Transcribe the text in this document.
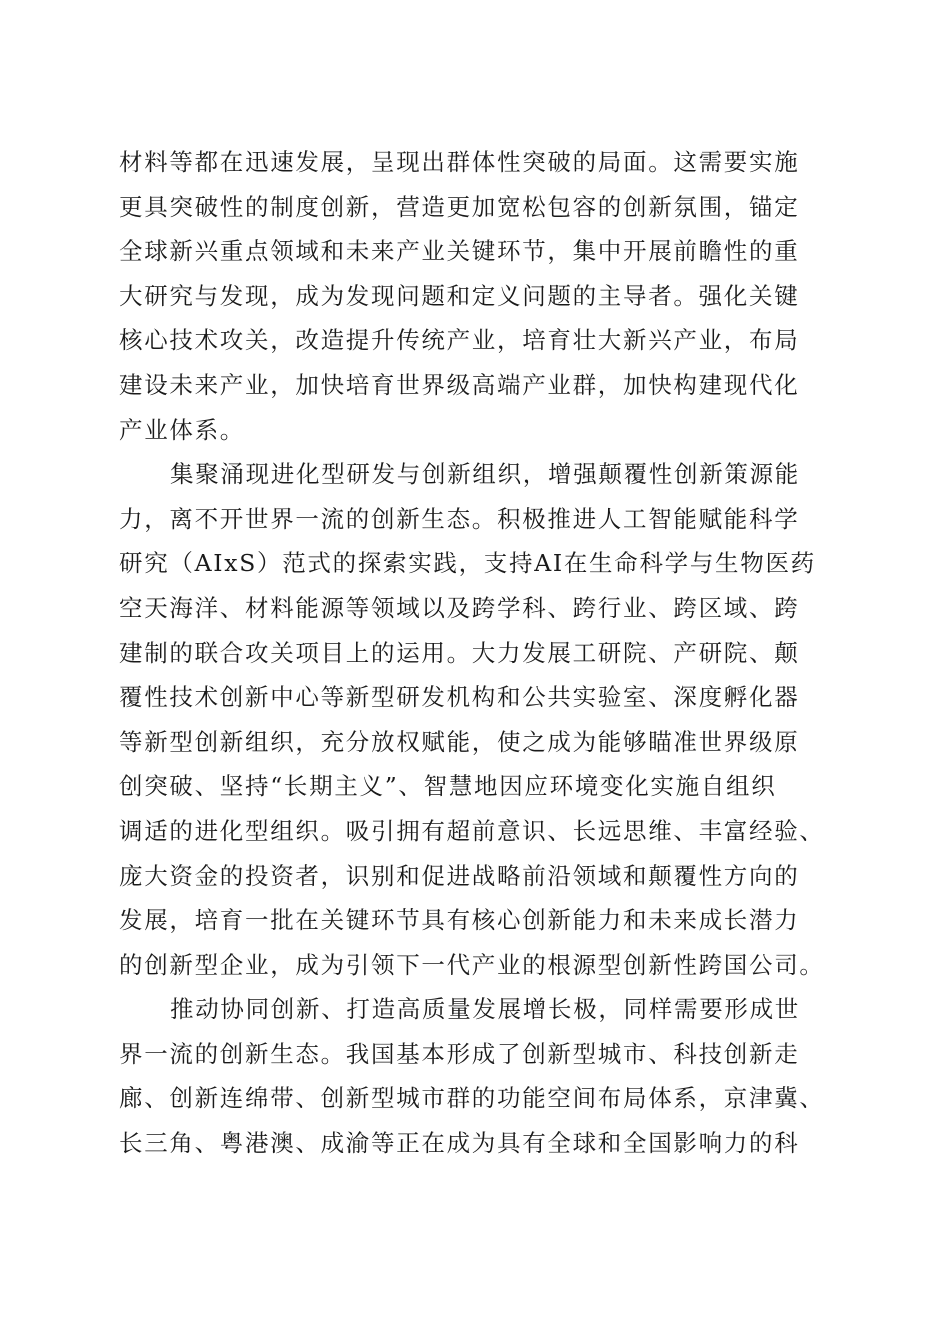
材料等都在迅速发展，呈现出群体性突破的局面。这需要实施
更具突破性的制度创新，营造更加宽松包容的创新氛围，锚定
全球新兴重点领域和未来产业关键环节，集中开展前瞻性的重
大研究与发现，成为发现问题和定义问题的主导者。强化关键
核心技术攻关，改造提升传统产业，培育壮大新兴产业，布局
建设未来产业，加快培育世界级高端产业群，加快构建现代化
产业体系。
集聚涌现进化型研发与创新组织，增强颠覆性创新策源能
力，离不开世界一流的创新生态。积极推进人工智能赋能科学
研究（AIxS）范式的探索实践，支持AI在生命科学与生物医药
空天海洋、材料能源等领域以及跨学科、跨行业、跨区域、跨
建制的联合攻关项目上的运用。大力发展工研院、产研院、颠
覆性技术创新中心等新型研发机构和公共实验室、深度孵化器
等新型创新组织，充分放权赋能，使之成为能够瞄准世界级原
创突破、坚持“长期主义”、智慧地因应环境变化实施自组织
调适的进化型组织。吸引拥有超前意识、长远思维、丰富经验、
庞大资金的投资者，识别和促进战略前沿领域和颠覆性方向的
发展，培育一批在关键环节具有核心创新能力和未来成长潜力
的创新型企业，成为引领下一代产业的根源型创新性跨国公司。
推动协同创新、打造高质量发展增长极，同样需要形成世
界一流的创新生态。我国基本形成了创新型城市、科技创新走
廊、创新连绵带、创新型城市群的功能空间布局体系，京津冀、
长三角、粤港澳、成渝等正在成为具有全球和全国影响力的科
